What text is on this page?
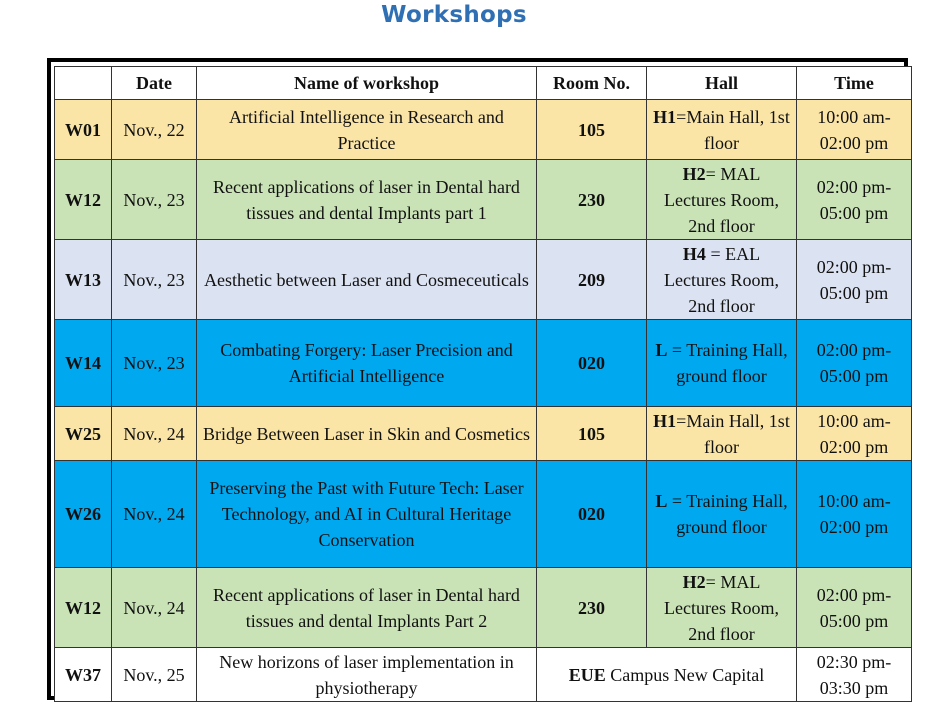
Workshops
	Date	Name of workshop	Room No.	Hall	Time
W01	Nov., 22	Artificial Intelligence in Research and Practice	105	H1=Main Hall, 1st floor	10:00 am-02:00 pm
W12	Nov., 23	Recent applications of laser in Dental hard tissues and dental Implants part 1	230	H2= MAL Lectures Room, 2nd floor	02:00 pm-05:00 pm
W13	Nov., 23	Aesthetic between Laser and Cosmeceuticals	209	H4 = EAL Lectures Room, 2nd floor	02:00 pm-05:00 pm
W14	Nov., 23	Combating Forgery: Laser Precision and Artificial Intelligence	020	L = Training Hall, ground floor	02:00 pm-05:00 pm
W25	Nov., 24	Bridge Between Laser in Skin and Cosmetics	105	H1=Main Hall, 1st floor	10:00 am-02:00 pm
W26	Nov., 24	Preserving the Past with Future Tech: Laser Technology, and AI in Cultural Heritage Conservation	020	L = Training Hall, ground floor	10:00 am-02:00 pm
W12	Nov., 24	Recent applications of laser in Dental hard tissues and dental Implants Part 2	230	H2= MAL Lectures Room, 2nd floor	02:00 pm-05:00 pm
W37	Nov., 25	New horizons of laser implementation in physiotherapy	EUE Campus New Capital		02:30 pm-03:30 pm
